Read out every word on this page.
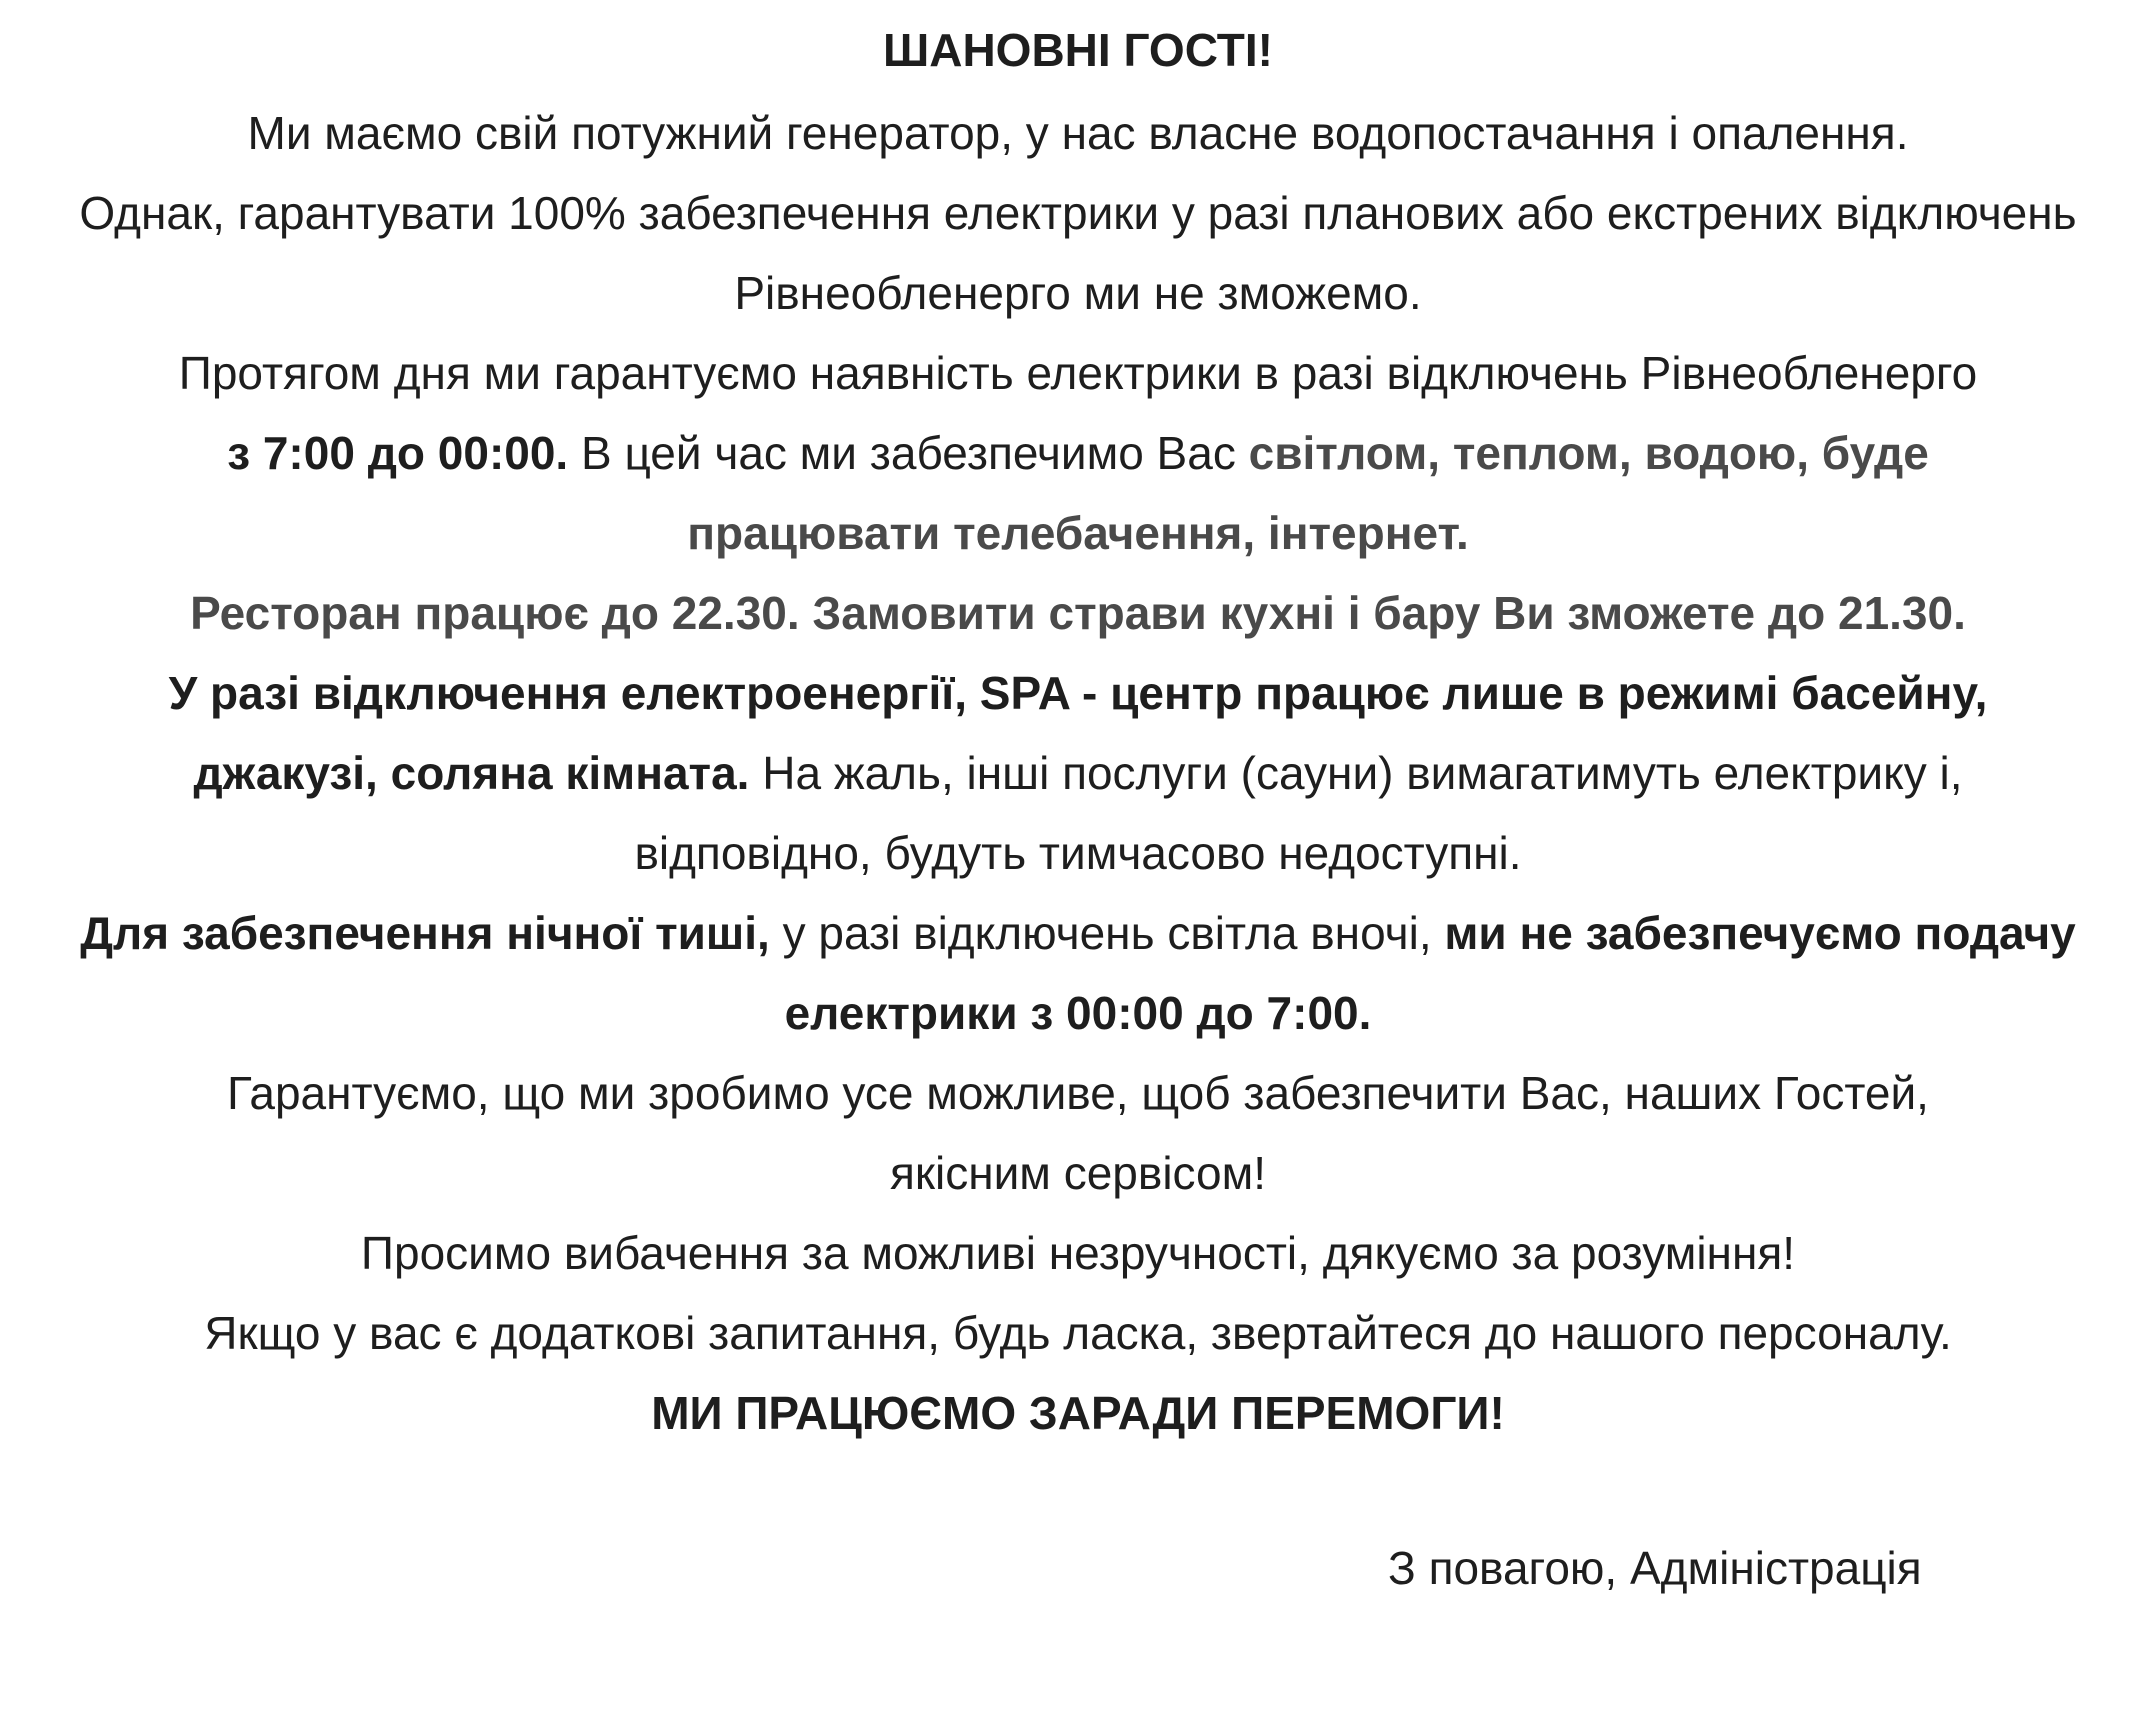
ШАНОВНІ ГОСТІ!
Ми маємо свій потужний генератор, у нас власне водопостачання і опалення.
Однак, гарантувати 100% забезпечення електрики у разі планових або екстрених відключень
Рівнеобленерго ми не зможемо.
Протягом дня ми гарантуємо наявність електрики в разі відключень Рівнеобленерго
з 7:00 до 00:00. В цей час ми забезпечимо Вас світлом, теплом, водою, буде
працювати телебачення, інтернет.
Ресторан працює до 22.30. Замовити страви кухні і бару Ви зможете до 21.30.
У разі відключення електроенергії, SPA - центр працює лише в режимі басейну,
джакузі, соляна кімната. На жаль, інші послуги (сауни) вимагатимуть електрику і,
відповідно, будуть тимчасово недоступні.
Для забезпечення нічної тиші, у разі відключень світла вночі, ми не забезпечуємо подачу
електрики з 00:00 до 7:00.
Гарантуємо, що ми зробимо усе можливе, щоб забезпечити Вас, наших Гостей,
якісним сервісом!
Просимо вибачення за можливі незручності, дякуємо за розуміння!
Якщо у вас є додаткові запитання, будь ласка, звертайтеся до нашого персоналу.
МИ ПРАЦЮЄМО ЗАРАДИ ПЕРЕМОГИ!
З повагою, Адміністрація
